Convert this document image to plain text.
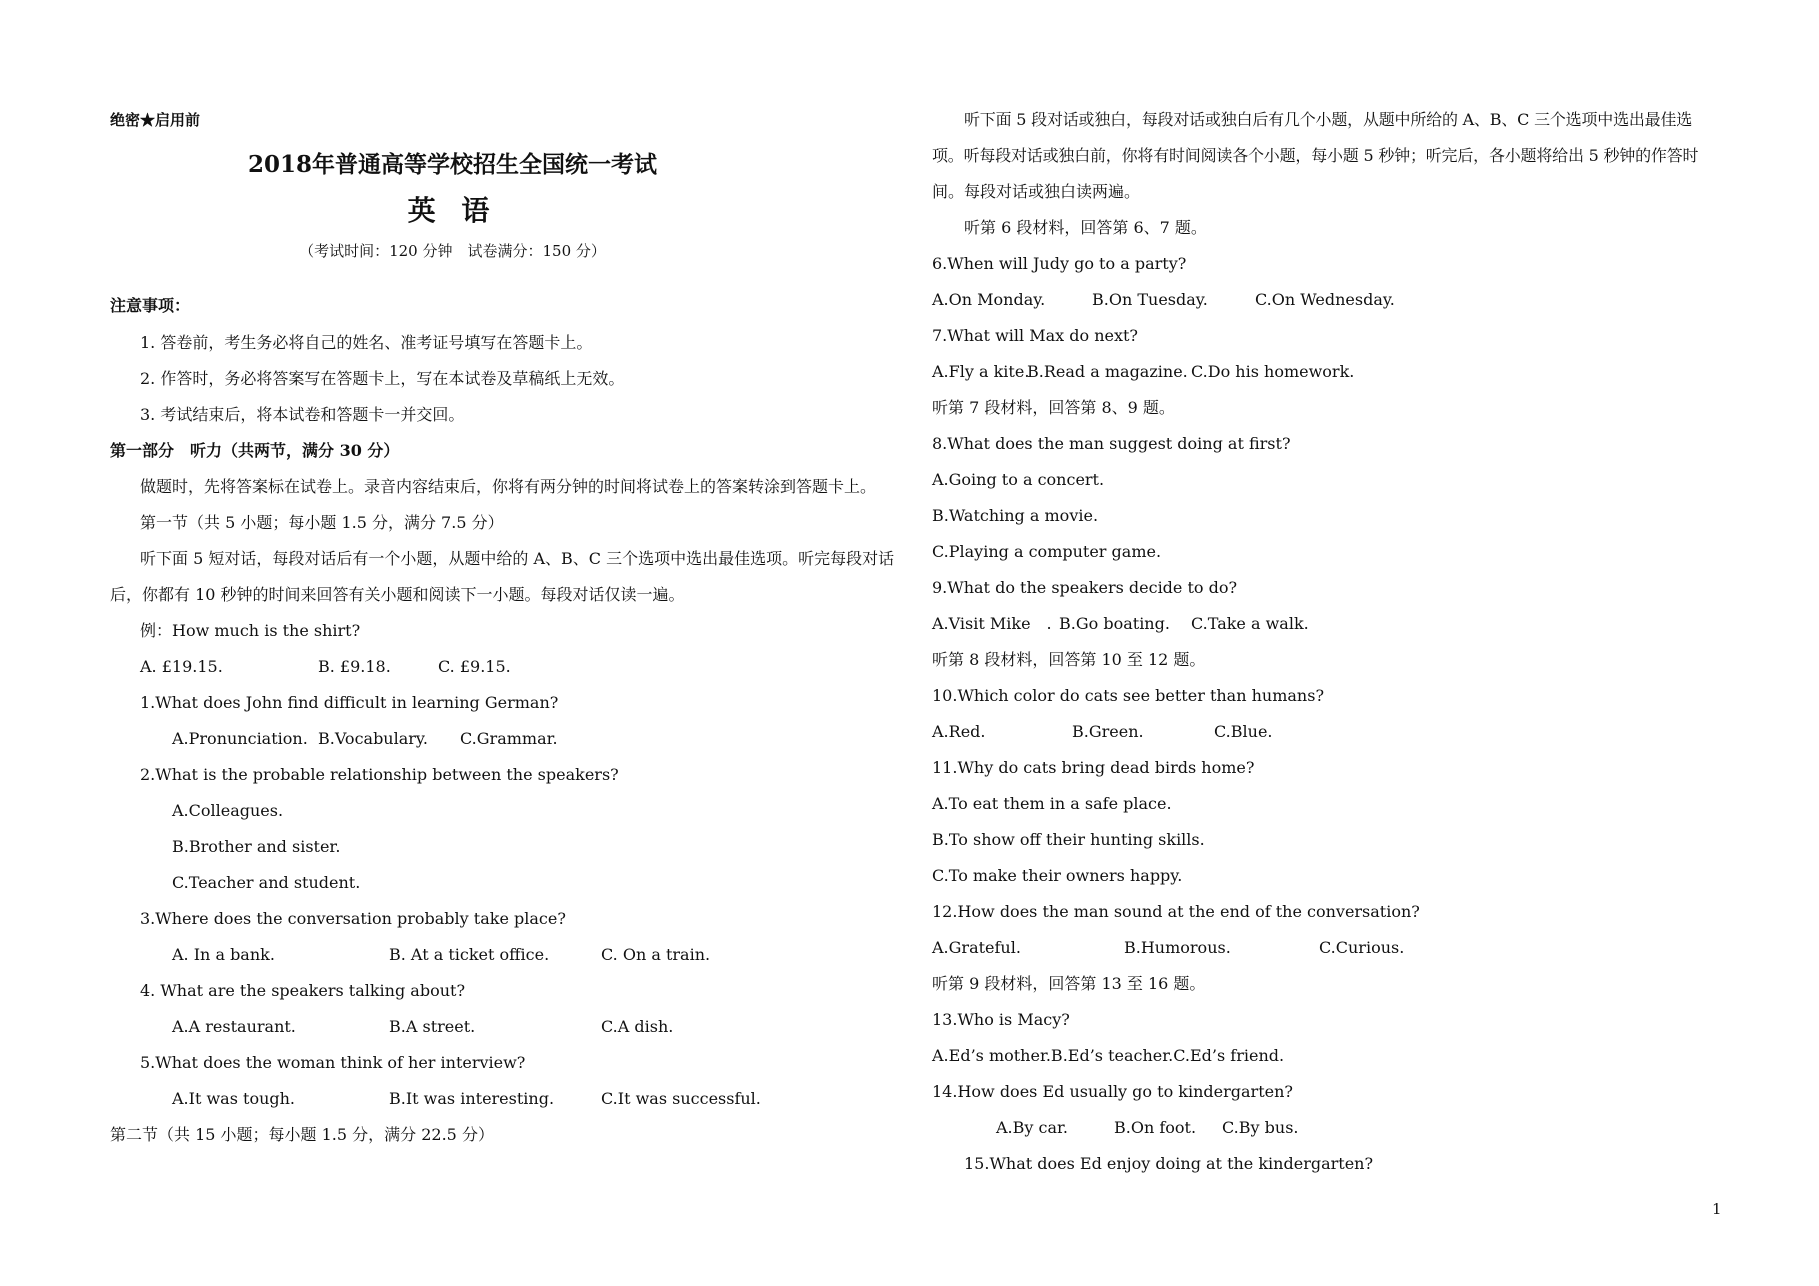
绝密★启用前
2018年普通高等学校招生全国统一考试
英 语
（考试时间：120 分钟　试卷满分：150 分）
注意事项：
1. 答卷前，考生务必将自己的姓名、准考证号填写在答题卡上。
2. 作答时，务必将答案写在答题卡上，写在本试卷及草稿纸上无效。
3. 考试结束后，将本试卷和答题卡一并交回。
第一部分　听力（共两节，满分 30 分）
做题时，先将答案标在试卷上。录音内容结束后，你将有两分钟的时间将试卷上的答案转涂到答题卡上。
第一节（共 5 小题；每小题 1.5 分，满分 7.5 分）
听下面 5 短对话，每段对话后有一个小题，从题中给的 A、B、C 三个选项中选出最佳选项。听完每段对话
后，你都有 10 秒钟的时间来回答有关小题和阅读下一小题。每段对话仅读一遍。
例：How much is the shirt?
A. £19.15.	B. £9.18.	C. £9.15.
1.What does John find difficult in learning German?
A.Pronunciation. B.Vocabulary. C.Grammar.
2.What is the probable relationship between the speakers?
A.Colleagues.
B.Brother and sister.
C.Teacher and student.
3.Where does the conversation probably take place?
A. In a bank.	B. At a ticket office.	C. On a train.
4. What are the speakers talking about?
A.A restaurant.	B.A street.	C.A dish.
5.What does the woman think of her interview?
A.It was tough.	B.It was interesting.	C.It was successful.
第二节（共 15 小题；每小题 1.5 分，满分 22.5 分）
听下面 5 段对话或独白，每段对话或独白后有几个小题，从题中所给的 A、B、C 三个选项中选出最佳选
项。听每段对话或独白前，你将有时间阅读各个小题，每小题 5 秒钟；听完后，各小题将给出 5 秒钟的作答时
间。每段对话或独白读两遍。
听第 6 段材料，回答第 6、7 题。
6.When will Judy go to a party?
A.On Monday.	B.On Tuesday.	C.On Wednesday.
7.What will Max do next?
A.Fly a kite.
B.Read a magazine. C.Do his homework.
听第 7 段材料，回答第 8、9 题。
8.What does the man suggest doing at first?
A.Going to a concert.
B.Watching a movie.
C.Playing a computer game.
9.What do the speakers decide to do?
A.Visit Mike　. B.Go boating. C.Take a walk.
听第 8 段材料，回答第 10 至 12 题。
10.Which color do cats see better than humans?
A.Red.	B.Green.	C.Blue.
11.Why do cats bring dead birds home?
A.To eat them in a safe place.
B.To show off their hunting skills.
C.To make their owners happy.
12.How does the man sound at the end of the conversation?
A.Grateful.	B.Humorous.	C.Curious.
听第 9 段材料，回答第 13 至 16 题。
13.Who is Macy?
A.Ed’s mother.B.Ed’s teacher.C.Ed’s friend.
14.How does Ed usually go to kindergarten?
A.By car.	B.On foot. C.By bus.
15.What does Ed enjoy doing at the kindergarten?
1
